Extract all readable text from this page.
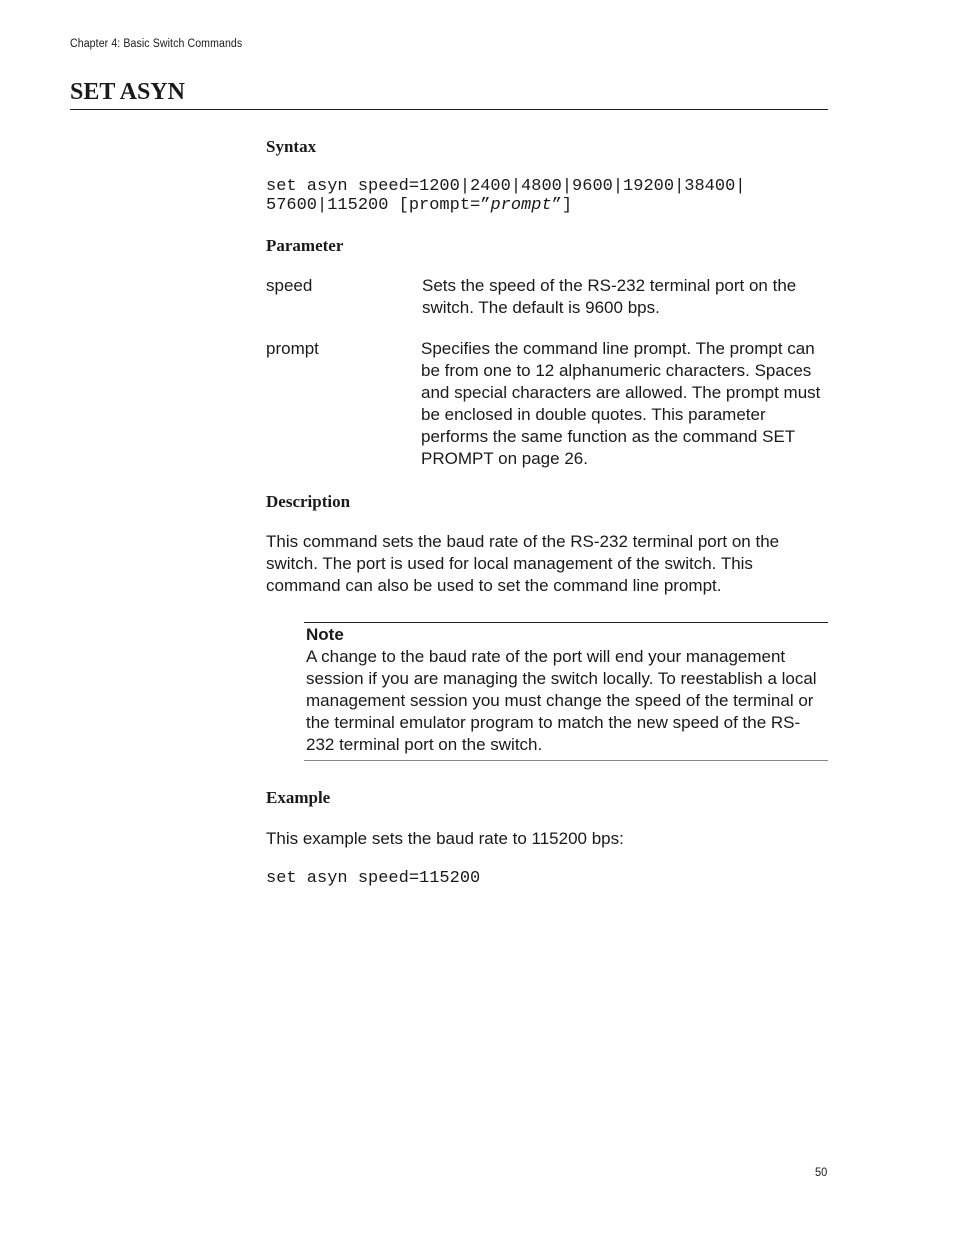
Chapter 4: Basic Switch Commands
SET ASYN
Syntax
set asyn speed=1200|2400|4800|9600|19200|38400|
57600|115200 [prompt=”prompt”]
Parameter
speed	Sets the speed of the RS-232 terminal port on the switch. The default is 9600 bps.
prompt	Specifies the command line prompt. The prompt can be from one to 12 alphanumeric characters. Spaces and special characters are allowed. The prompt must be enclosed in double quotes. This parameter performs the same function as the command SET PROMPT on page 26.
Description

This command sets the baud rate of the RS-232 terminal port on the switch. The port is used for local management of the switch. This command can also be used to set the command line prompt.

Note
A change to the baud rate of the port will end your management session if you are managing the switch locally. To reestablish a local management session you must change the speed of the terminal or the terminal emulator program to match the new speed of the RS-232 terminal port on the switch.
Example

This example sets the baud rate to 115200 bps:

set asyn speed=115200
50
